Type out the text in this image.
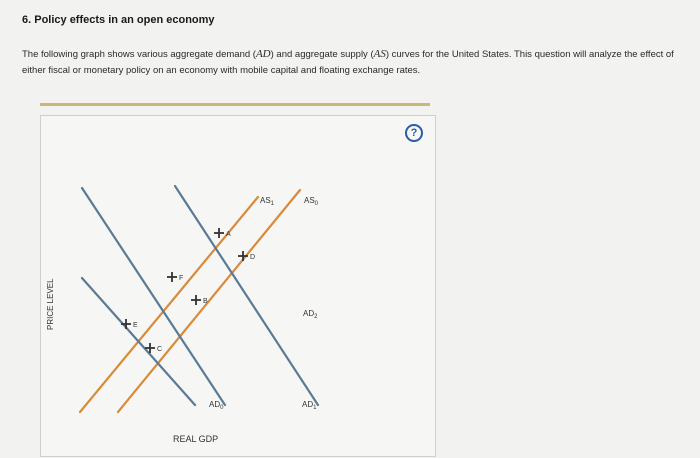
6. Policy effects in an open economy
The following graph shows various aggregate demand (AD) and aggregate supply (AS) curves for the United States. This question will analyze the effect of either fiscal or monetary policy on an economy with mobile capital and floating exchange rates.
?
PRICE LEVEL
REAL GDP
$AS_1$	$AS_0$
$AD_0$	$AD_1$
$AD_2$
A
B
C
D
E
F
